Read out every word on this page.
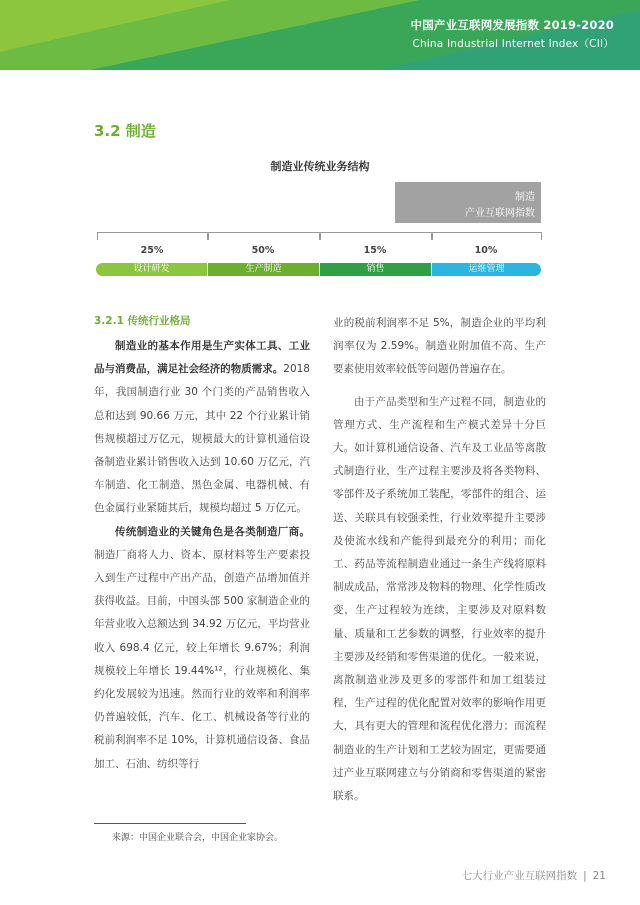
中国产业互联网发展指数 2019-2020
China Industrial Internet Index（CII）
3.2 制造
制造业传统业务结构
制造
产业互联网指数
25%	50%	15%	10%
设计研发	生产制造	销售	运维管理
3.2.1 传统行业格局

制造业的基本作用是生产实体工具、工业品与消费品，满足社会经济的物质需求。2018 年，我国制造行业 30 个门类的产品销售收入总和达到 90.66 万元，其中 22 个行业累计销售规模超过万亿元，规模最大的计算机通信设备制造业累计销售收入达到 10.60 万亿元，汽车制造、化工制造、黑色金属、电器机械、有色金属行业紧随其后，规模均超过 5 万亿元。

传统制造业的关键角色是各类制造厂商。制造厂商将人力、资本、原材料等生产要素投入到生产过程中产出产品，创造产品增加值并获得收益。目前，中国头部 500 家制造企业的年营业收入总额达到 34.92 万亿元，平均营业收入 698.4 亿元，较上年增长 9.67%；利润规模较上年增长 19.44%¹²，行业规模化、集约化发展较为迅速。然而行业的效率和利润率仍普遍较低，汽车、化工、机械设备等行业的税前利润率不足 10%，计算机通信设备、食品加工、石油、纺织等行

业的税前利润率不足 5%，制造企业的平均利润率仅为 2.59%。制造业附加值不高、生产要素使用效率较低等问题仍普遍存在。

由于产品类型和生产过程不同，制造业的管理方式、生产流程和生产模式差异十分巨大。如计算机通信设备、汽车及工业品等离散式制造行业，生产过程主要涉及将各类物料、零部件及子系统加工装配，零部件的组合、运送、关联具有较强柔性，行业效率提升主要涉及使流水线和产能得到最充分的利用；而化工、药品等流程制造业通过一条生产线将原料制成成品，常常涉及物料的物理、化学性质改变，生产过程较为连续，主要涉及对原料数量、质量和工艺参数的调整，行业效率的提升主要涉及经销和零售渠道的优化。一般来说，离散制造业涉及更多的零部件和加工组装过程，生产过程的优化配置对效率的影响作用更大，具有更大的管理和流程优化潜力；而流程制造业的生产计划和工艺较为固定，更需要通过产业互联网建立与分销商和零售渠道的紧密联系。

来源：中国企业联合会，中国企业家协会。
七大行业产业互联网指数 | 21
